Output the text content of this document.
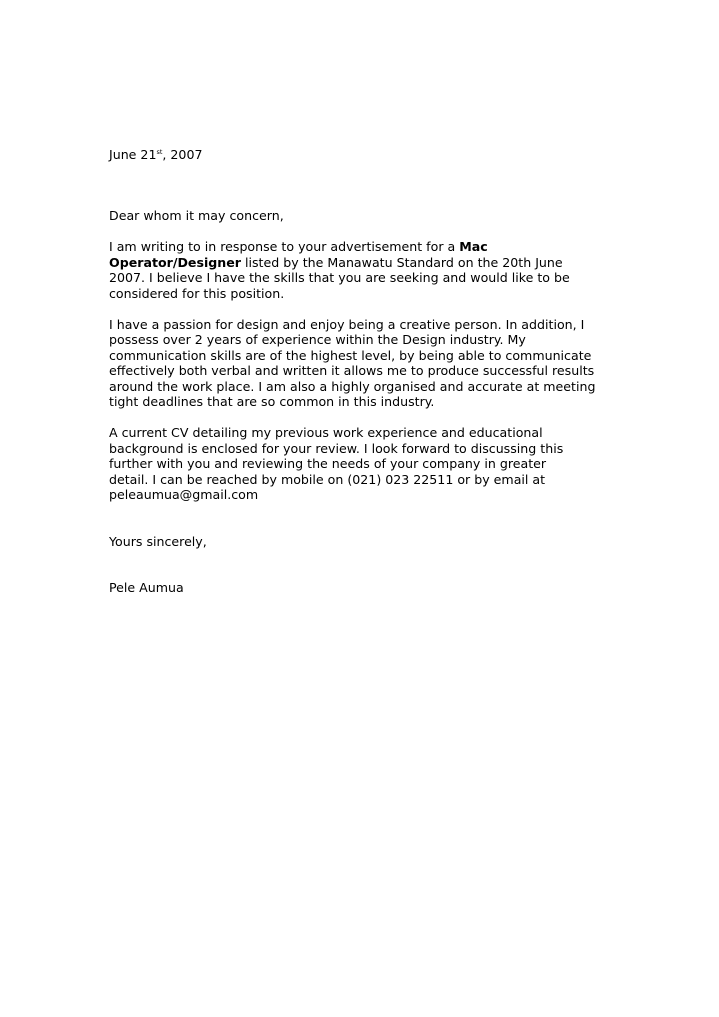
June 21st, 2007

Dear whom it may concern,

I am writing to in response to your advertisement for a Mac
Operator/Designer listed by the Manawatu Standard on the 20th June
2007. I believe I have the skills that you are seeking and would like to be
considered for this position.

I have a passion for design and enjoy being a creative person. In addition, I
possess over 2 years of experience within the Design industry. My
communication skills are of the highest level, by being able to communicate
effectively both verbal and written it allows me to produce successful results
around the work place. I am also a highly organised and accurate at meeting
tight deadlines that are so common in this industry.

A current CV detailing my previous work experience and educational
background is enclosed for your review. I look forward to discussing this
further with you and reviewing the needs of your company in greater
detail. I can be reached by mobile on (021) 023 22511 or by email at
peleaumua@gmail.com

Yours sincerely,

Pele Aumua
